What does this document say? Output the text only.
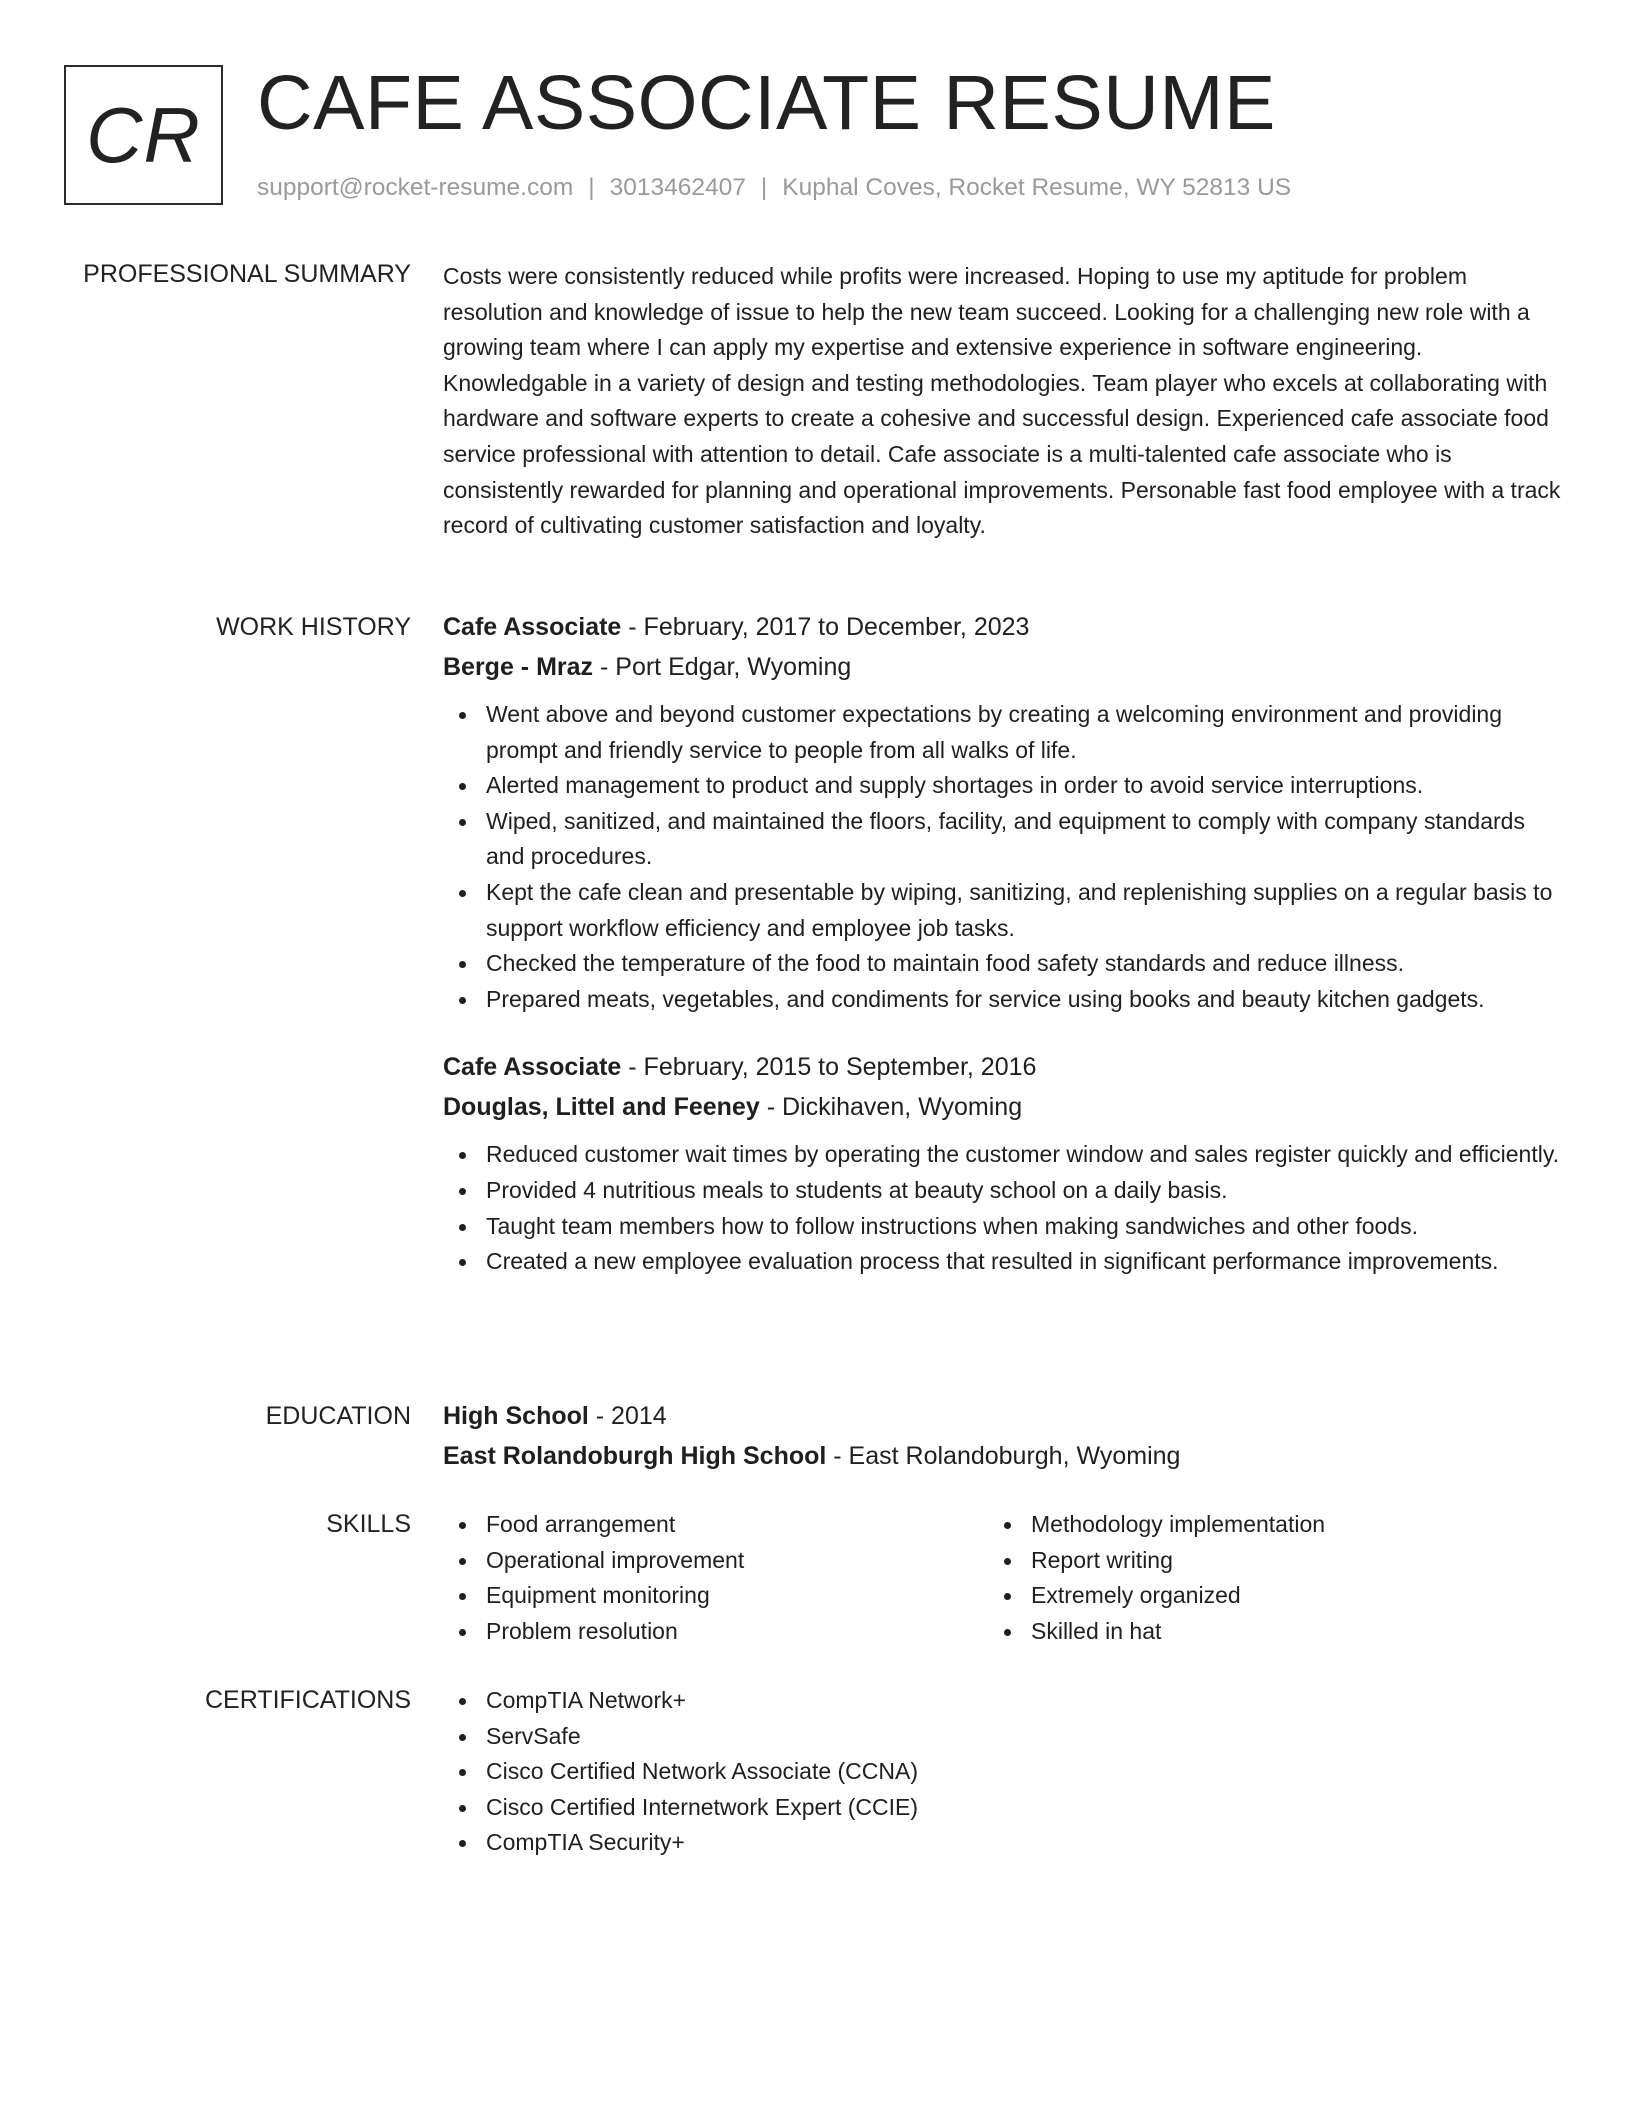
CR CAFE ASSOCIATE RESUME
support@rocket-resume.com | 3013462407 | Kuphal Coves, Rocket Resume, WY 52813 US
PROFESSIONAL SUMMARY Costs were consistently reduced while profits were increased. Hoping to use my aptitude for problem resolution and knowledge of issue to help the new team succeed. Looking for a challenging new role with a growing team where I can apply my expertise and extensive experience in software engineering. Knowledgable in a variety of design and testing methodologies. Team player who excels at collaborating with hardware and software experts to create a cohesive and successful design. Experienced cafe associate food service professional with attention to detail. Cafe associate is a multi-talented cafe associate who is consistently rewarded for planning and operational improvements. Personable fast food employee with a track record of cultivating customer satisfaction and loyalty.

WORK HISTORY Cafe Associate - February, 2017 to December, 2023
Berge - Mraz - Port Edgar, Wyoming
Went above and beyond customer expectations by creating a welcoming environment and providing prompt and friendly service to people from all walks of life.
Alerted management to product and supply shortages in order to avoid service interruptions.
Wiped, sanitized, and maintained the floors, facility, and equipment to comply with company standards and procedures.
Kept the cafe clean and presentable by wiping, sanitizing, and replenishing supplies on a regular basis to support workflow efficiency and employee job tasks.
Checked the temperature of the food to maintain food safety standards and reduce illness.
Prepared meats, vegetables, and condiments for service using books and beauty kitchen gadgets.
Cafe Associate - February, 2015 to September, 2016
Douglas, Littel and Feeney - Dickihaven, Wyoming
Reduced customer wait times by operating the customer window and sales register quickly and efficiently.
Provided 4 nutritious meals to students at beauty school on a daily basis.
Taught team members how to follow instructions when making sandwiches and other foods.
Created a new employee evaluation process that resulted in significant performance improvements.
EDUCATION High School - 2014
East Rolandoburgh High School - East Rolandoburgh, Wyoming
SKILLS	Food arrangement
Operational improvement
Equipment monitoring
Problem resolution
Methodology implementation
Report writing
Extremely organized
Skilled in hat
CERTIFICATIONS	CompTIA Network+
ServSafe
Cisco Certified Network Associate (CCNA)
Cisco Certified Internetwork Expert (CCIE)
CompTIA Security+
